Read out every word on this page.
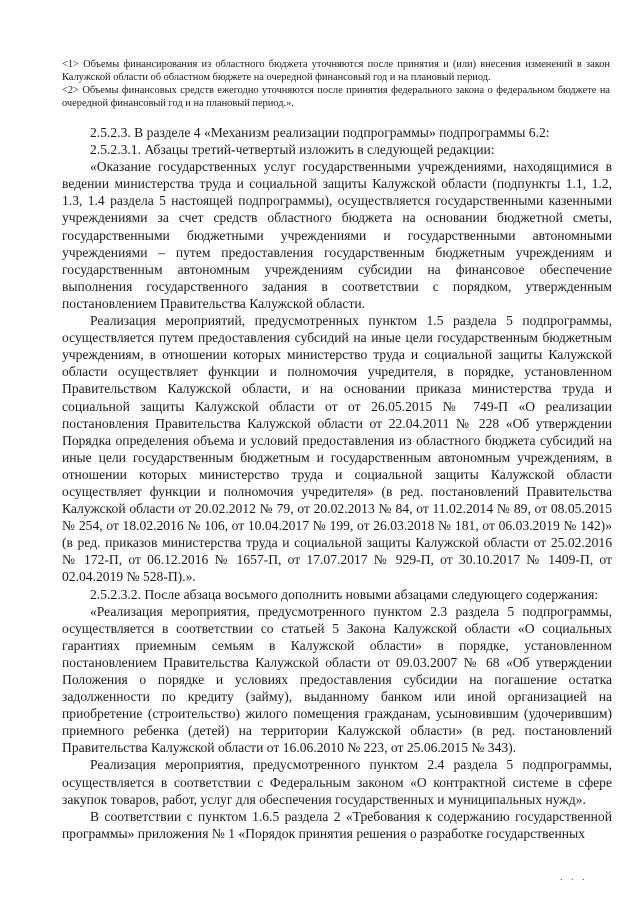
<1> Объемы финансирования из областного бюджета уточняются после принятия и (или) внесения изменений в закон Калужской области об областном бюджете на очередной финансовый год и на плановый период.
<2> Объемы финансовых средств ежегодно уточняются после принятия федерального закона о федеральном бюджете на очередной финансовый год и на плановый период.».

2.5.2.3. В разделе 4 «Механизм реализации подпрограммы» подпрограммы 6.2:

2.5.2.3.1. Абзацы третий-четвертый изложить в следующей редакции:

«Оказание государственных услуг государственными учреждениями, находящимися в ведении министерства труда и социальной защиты Калужской области (подпункты 1.1, 1.2, 1.3, 1.4 раздела 5 настоящей подпрограммы), осуществляется государственными казенными учреждениями за счет средств областного бюджета на основании бюджетной сметы, государственными бюджетными учреждениями и государственными автономными учреждениями – путем предоставления государственным бюджетным учреждениям и государственным автономным учреждениям субсидии на финансовое обеспечение выполнения государственного задания в соответствии с порядком, утвержденным постановлением Правительства Калужской области.

Реализация мероприятий, предусмотренных пунктом 1.5 раздела 5 подпрограммы, осуществляется путем предоставления субсидий на иные цели государственным бюджетным учреждениям, в отношении которых министерство труда и социальной защиты Калужской области осуществляет функции и полномочия учредителя, в порядке, установленном Правительством Калужской области, и на основании приказа министерства труда и социальной защиты Калужской области от от 26.05.2015 № 749-П «О реализации постановления Правительства Калужской области от 22.04.2011 № 228 «Об утверждении Порядка определения объема и условий предоставления из областного бюджета субсидий на иные цели государственным бюджетным и государственным автономным учреждениям, в отношении которых министерство труда и социальной защиты Калужской области осуществляет функции и полномочия учредителя» (в ред. постановлений Правительства Калужской области от 20.02.2012 № 79, от 20.02.2013 № 84, от 11.02.2014 № 89, от 08.05.2015 № 254, от 18.02.2016 № 106, от 10.04.2017 № 199, от 26.03.2018 № 181, от 06.03.2019 № 142)» (в ред. приказов министерства труда и социальной защиты Калужской области от 25.02.2016 № 172-П, от 06.12.2016 № 1657-П, от 17.07.2017 № 929-П, от 30.10.2017 № 1409-П, от 02.04.2019 № 528-П).».

2.5.2.3.2. После абзаца восьмого дополнить новыми абзацами следующего содержания:

«Реализация мероприятия, предусмотренного пунктом 2.3 раздела 5 подпрограммы, осуществляется в соответствии со статьей 5 Закона Калужской области «О социальных гарантиях приемным семьям в Калужской области» в порядке, установленном постановлением Правительства Калужской области от 09.03.2007 № 68 «Об утверждении Положения о порядке и условиях предоставления субсидии на погашение остатка задолженности по кредиту (займу), выданному банком или иной организацией на приобретение (строительство) жилого помещения гражданам, усыновившим (удочерившим) приемного ребенка (детей) на территории Калужской области» (в ред. постановлений Правительства Калужской области от 16.06.2010 № 223, от 25.06.2015 № 343).

Реализация мероприятия, предусмотренного пунктом 2.4 раздела 5 подпрограммы, осуществляется в соответствии с Федеральным законом «О контрактной системе в сфере закупок товаров, работ, услуг для обеспечения государственных и муниципальных нужд».

В соответствии с пунктом 1.6.5 раздела 2 «Требования к содержанию государственной программы» приложения № 1 «Порядок принятия решения о разработке государственных

. . .
